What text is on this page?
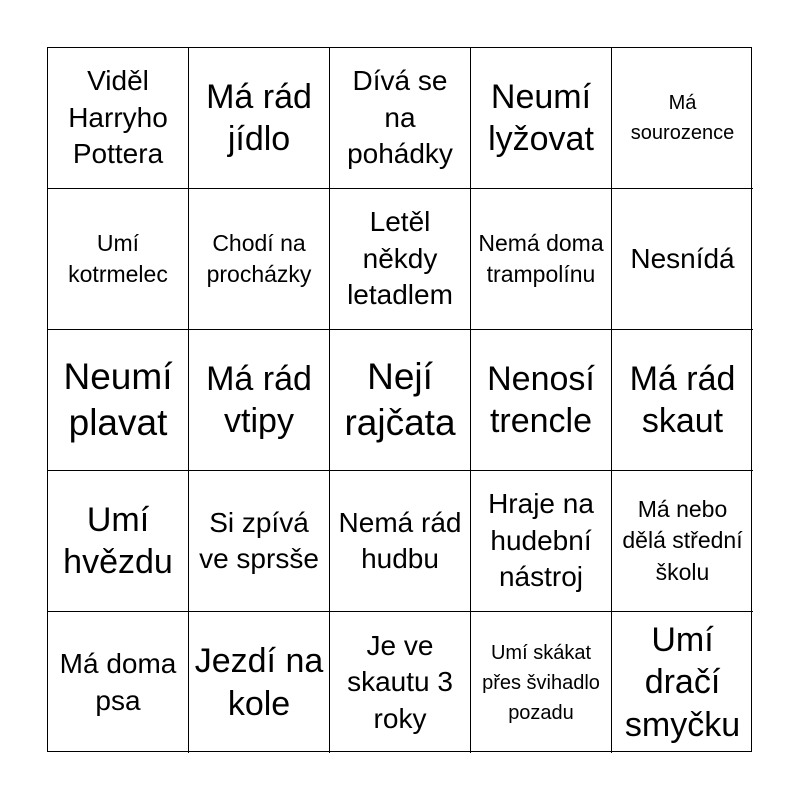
Viděl Harryho Pottera
Má rád jídlo
Dívá se na pohádky
Neumí lyžovat
Má sourozence
Umí kotrmelec
Chodí na procházky
Letěl někdy letadlem
Nemá doma trampolínu
Nesnídá
Neumí plavat
Má rád vtipy
Nejí rajčata
Nenosí trencle
Má rád skaut
Umí hvězdu
Si zpívá ve sprsše
Nemá rád hudbu
Hraje na hudební nástroj
Má nebo dělá střední školu
Má doma psa
Jezdí na kole
Je ve skautu 3 roky
Umí skákat přes švihadlo pozadu
Umí dračí smyčku
